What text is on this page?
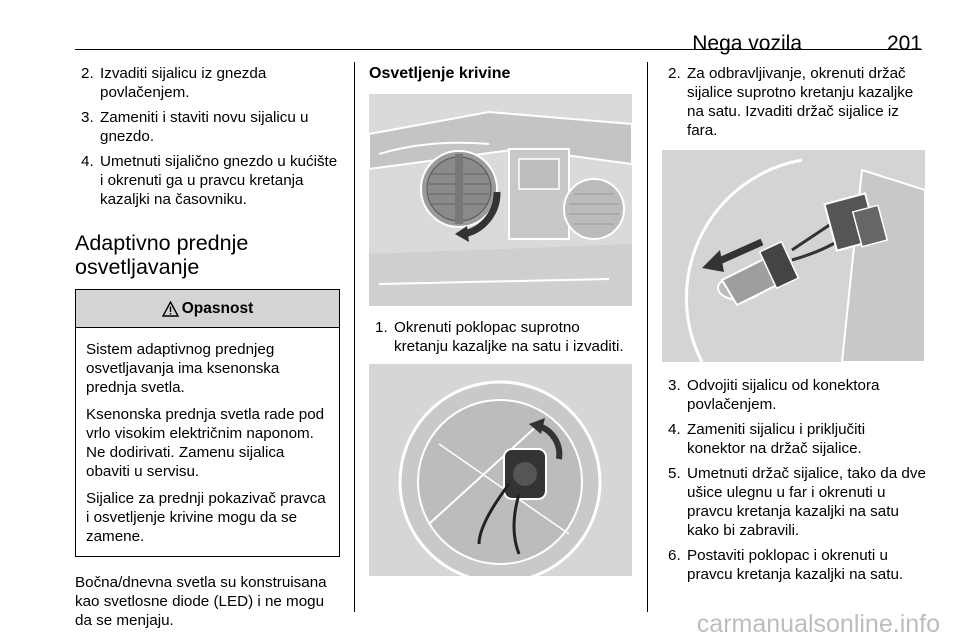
Nega vozila	201
2. Izvaditi sijalicu iz gnezda povlačenjem.
3. Zameniti i staviti novu sijalicu u gnezdo.
4. Umetnuti sijalično gnezdo u kućište i okrenuti ga u pravcu kretanja kazaljki na časovniku.
Adaptivno prednje osvetljavanje
Opasnost

Sistem adaptivnog prednjeg osvetljavanja ima ksenonska prednja svetla.

Ksenonska prednja svetla rade pod vrlo visokim električnim naponom. Ne dodirivati. Zamenu sijalica obaviti u servisu.

Sijalice za prednji pokazivač pravca i osvetljenje krivine mogu da se zamene.

Bočna/dnevna svetla su konstruisana kao svetlosne diode (LED) i ne mogu da se menjaju.
Osvetljenje krivine
1. Okrenuti poklopac suprotno kretanju kazaljke na satu i izvaditi.
2. Za odbravljivanje, okrenuti držač sijalice suprotno kretanju kazaljke na satu. Izvaditi držač sijalice iz fara.
3. Odvojiti sijalicu od konektora povlačenjem.
4. Zameniti sijalicu i priključiti konektor na držač sijalice.
5. Umetnuti držač sijalice, tako da dve ušice ulegnu u far i okrenuti u pravcu kretanja kazaljki na satu kako bi zabravili.
6. Postaviti poklopac i okrenuti u pravcu kretanja kazaljki na satu.
carmanualsonline.info
